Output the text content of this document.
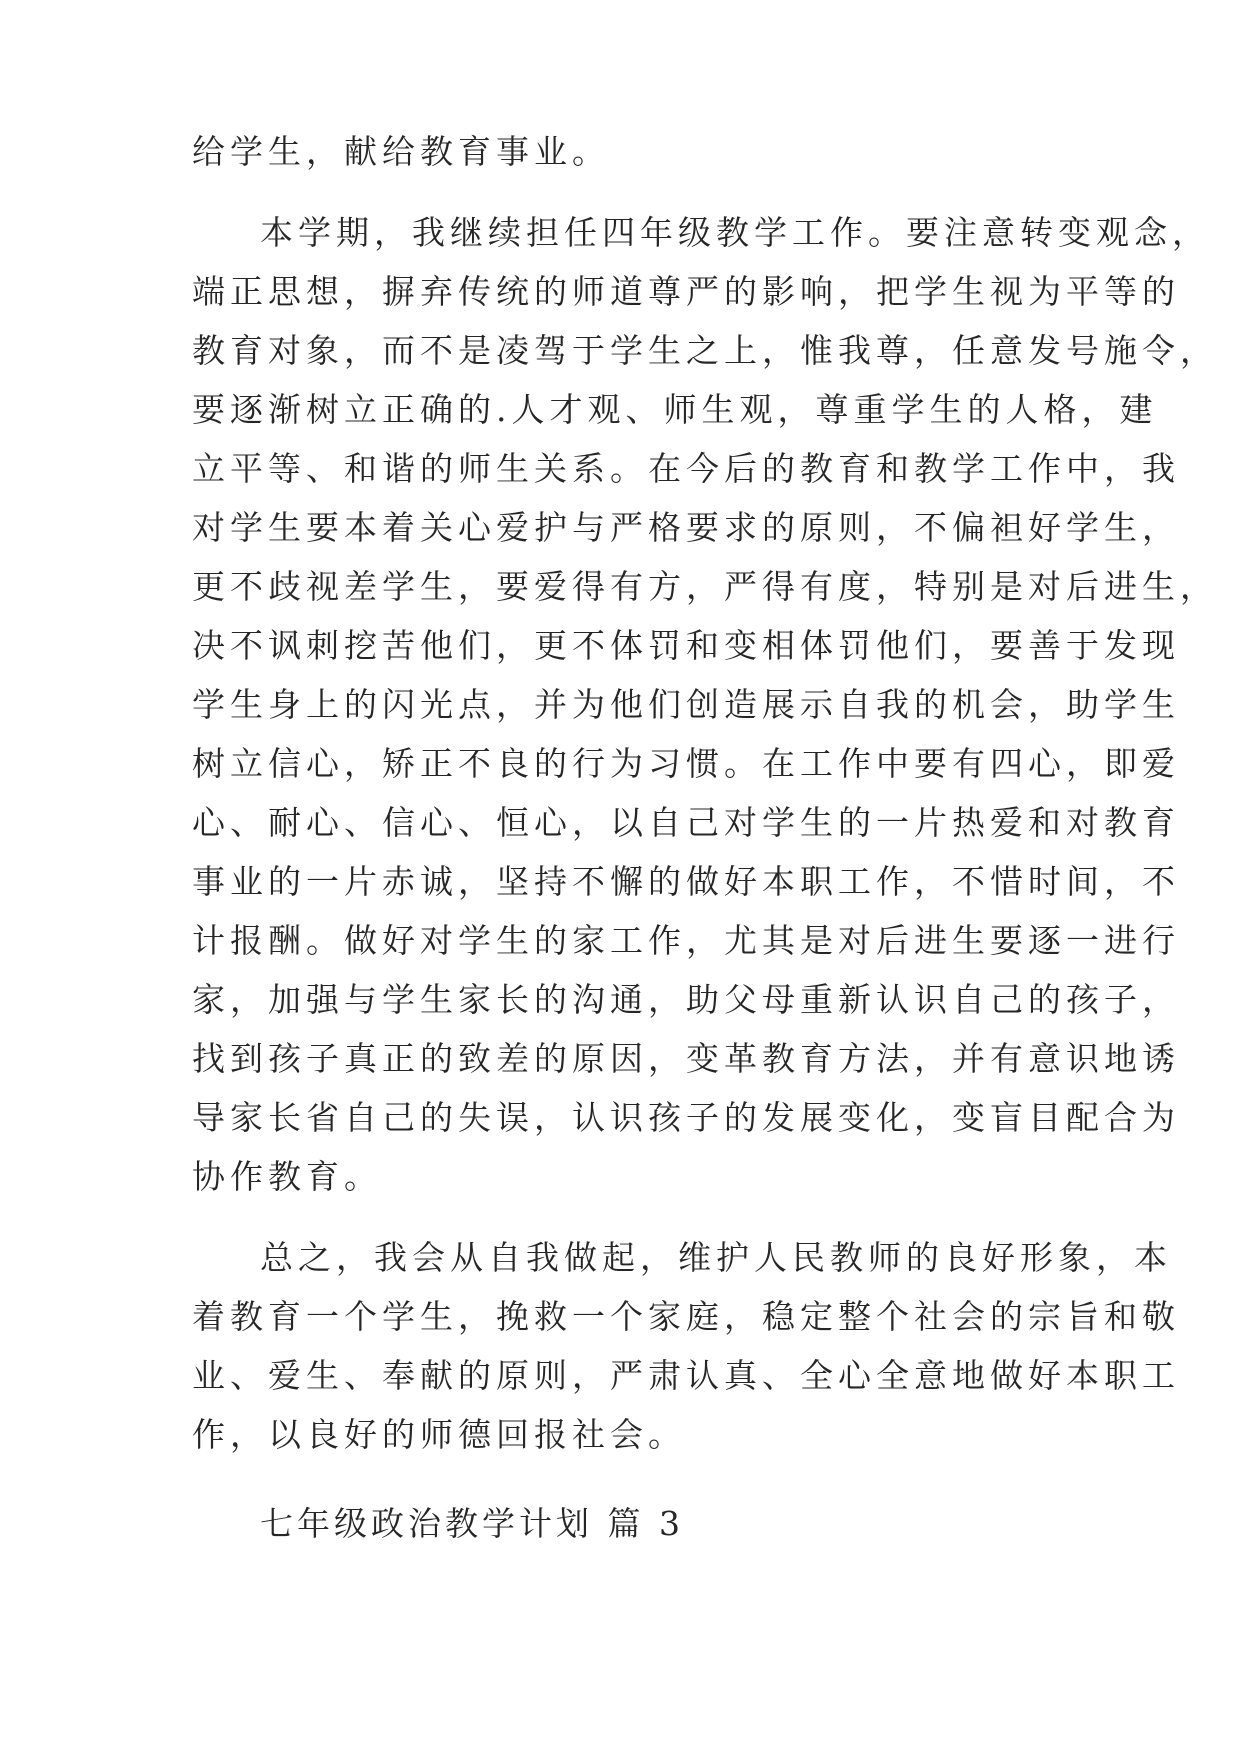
给学生，献给教育事业。
本学期，我继续担任四年级教学工作。要注意转变观念，
端正思想，摒弃传统的师道尊严的影响，把学生视为平等的
教育对象，而不是凌驾于学生之上，惟我尊，任意发号施令，
要逐渐树立正确的.人才观、师生观，尊重学生的人格，建
立平等、和谐的师生关系。在今后的教育和教学工作中，我
对学生要本着关心爱护与严格要求的原则，不偏袒好学生，
更不歧视差学生，要爱得有方，严得有度，特别是对后进生，
决不讽刺挖苦他们，更不体罚和变相体罚他们，要善于发现
学生身上的闪光点，并为他们创造展示自我的机会，助学生
树立信心，矫正不良的行为习惯。在工作中要有四心，即爱
心、耐心、信心、恒心，以自己对学生的一片热爱和对教育
事业的一片赤诚，坚持不懈的做好本职工作，不惜时间，不
计报酬。做好对学生的家工作，尤其是对后进生要逐一进行
家，加强与学生家长的沟通，助父母重新认识自己的孩子，
找到孩子真正的致差的原因，变革教育方法，并有意识地诱
导家长省自己的失误，认识孩子的发展变化，变盲目配合为
协作教育。
总之，我会从自我做起，维护人民教师的良好形象，本
着教育一个学生，挽救一个家庭，稳定整个社会的宗旨和敬
业、爱生、奉献的原则，严肃认真、全心全意地做好本职工
作，以良好的师德回报社会。
七年级政治教学计划 篇 3
